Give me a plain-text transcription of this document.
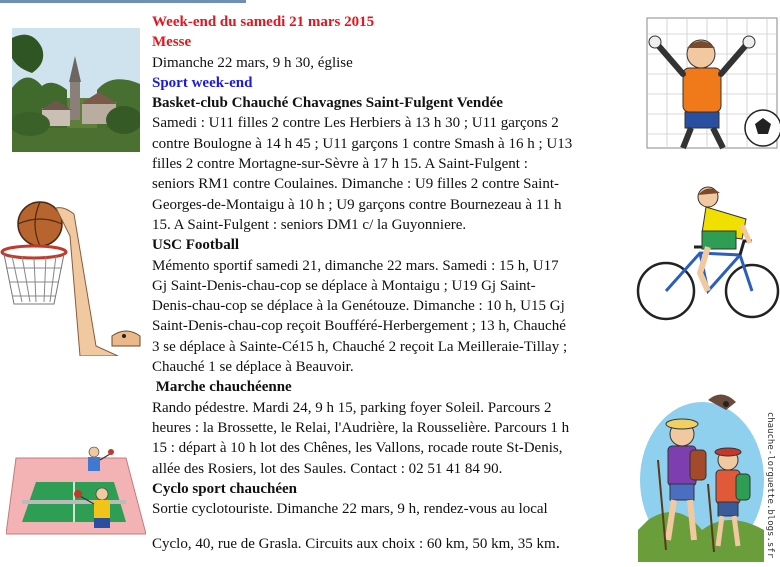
chauche-lorguette.blogs.sfr
Week-end du samedi 21 mars 2015
Messe
Dimanche 22 mars, 9 h 30, église
Sport week-end
Basket-club Chauché Chavagnes Saint-Fulgent Vendée
Samedi : U11 filles 2 contre Les Herbiers à 13 h 30 ; U11 garçons 2
contre Boulogne à 14 h 45 ; U11 garçons 1 contre Smash à 16 h ; U13
filles 2 contre Mortagne-sur-Sèvre à 17 h 15. A Saint-Fulgent :
seniors RM1 contre Coulaines. Dimanche : U9 filles 2 contre Saint-
Georges-de-Montaigu à 10 h ; U9 garçons contre Bournezeau à 11 h
15. A Saint-Fulgent : seniors DM1 c/ la Guyonniere.
USC Football
Mémento sportif samedi 21, dimanche 22 mars. Samedi : 15 h, U17
Gj Saint-Denis-chau-cop se déplace à Montaigu ; U19 Gj Saint-
Denis-chau-cop se déplace à la Genétouze. Dimanche : 10 h, U15 Gj
Saint-Denis-chau-cop reçoit Boufféré-Herbergement ; 13 h, Chauché
3 se déplace à Sainte-Cé15 h, Chauché 2 reçoit La Meilleraie-Tillay ;
Chauché 1 se déplace à Beauvoir.
Marche chauchéenne
Rando pédestre. Mardi 24, 9 h 15, parking foyer Soleil. Parcours 2
heures : la Brossette, le Relai, l'Audrière, la Rousselière. Parcours 1 h
15 : départ à 10 h lot des Chênes, les Vallons, rocade route St-Denis,
allée des Rosiers, lot des Saules. Contact : 02 51 41 84 90.
Cyclo sport chauchéen
Sortie cyclotouriste. Dimanche 22 mars, 9 h, rendez-vous au local
Cyclo, 40, rue de Grasla. Circuits aux choix : 60 km, 50 km, 35 km.
